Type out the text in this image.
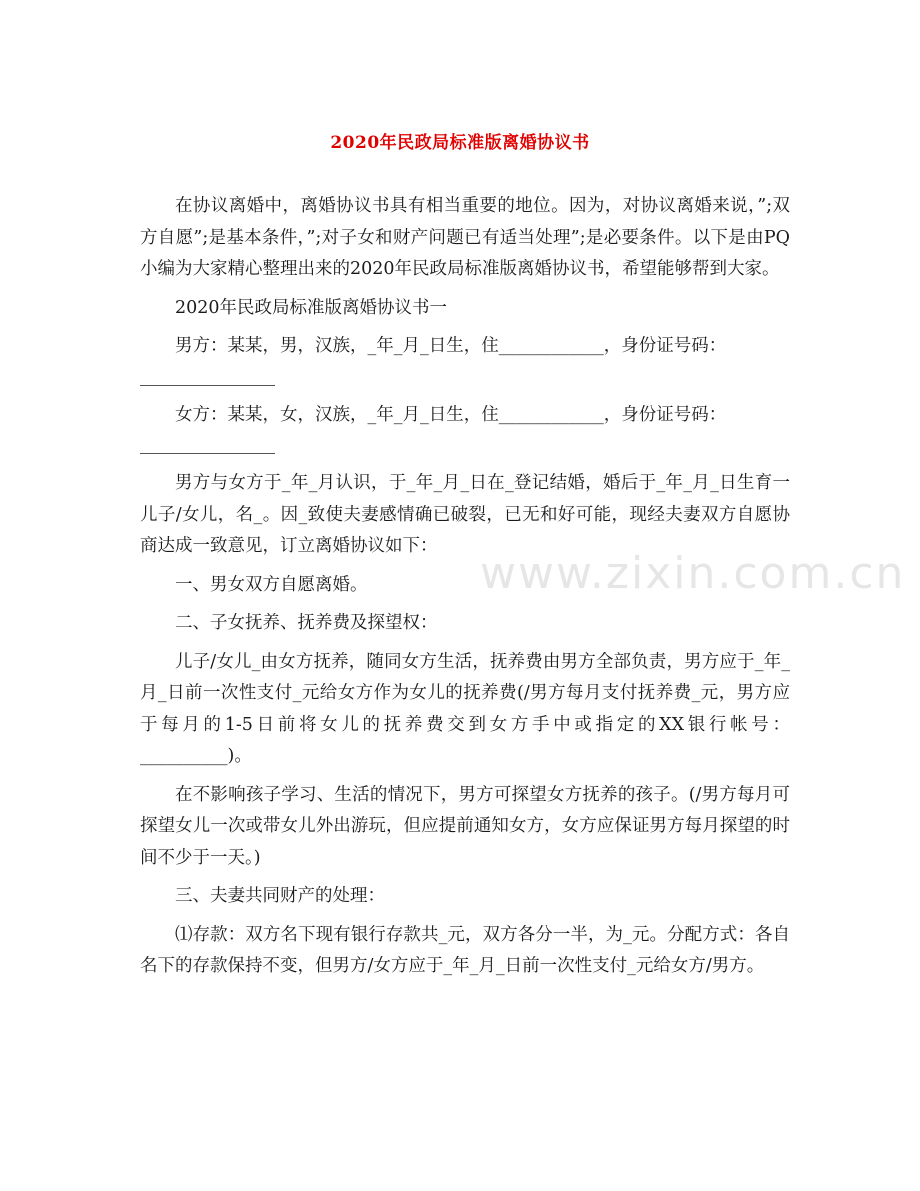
2020年民政局标准版离婚协议书
www.zixin.com.cn

在协议离婚中，离婚协议书具有相当重要的地位。因为，对协议离婚来说，”;双方自愿”;是基本条件，”;对子女和财产问题已有适当处理”;是必要条件。以下是由PQ小编为大家精心整理出来的2020年民政局标准版离婚协议书，希望能够帮到大家。

2020年民政局标准版离婚协议书一

男方：某某，男，汉族，_年_月_日生，住____________，身份证号码：

女方：某某，女，汉族，_年_月_日生，住____________，身份证号码：

男方与女方于_年_月认识，于_年_月_日在_登记结婚，婚后于_年_月_日生育一儿子/女儿，名_。因_致使夫妻感情确已破裂，已无和好可能，现经夫妻双方自愿协商达成一致意见，订立离婚协议如下：

一、男女双方自愿离婚。

二、子女抚养、抚养费及探望权：

儿子/女儿_由女方抚养，随同女方生活，抚养费由男方全部负责，男方应于_年_月_日前一次性支付_元给女方作为女儿的抚养费(/男方每月支付抚养费_元，男方应于每月的1-5日前将女儿的抚养费交到女方手中或指定的XX银行帐号：__________)。

在不影响孩子学习、生活的情况下，男方可探望女方抚养的孩子。(/男方每月可探望女儿一次或带女儿外出游玩，但应提前通知女方，女方应保证男方每月探望的时间不少于一天。)

三、夫妻共同财产的处理：

⑴存款：双方名下现有银行存款共_元，双方各分一半，为_元。分配方式：各自名下的存款保持不变，但男方/女方应于_年_月_日前一次性支付_元给女方/男方。
